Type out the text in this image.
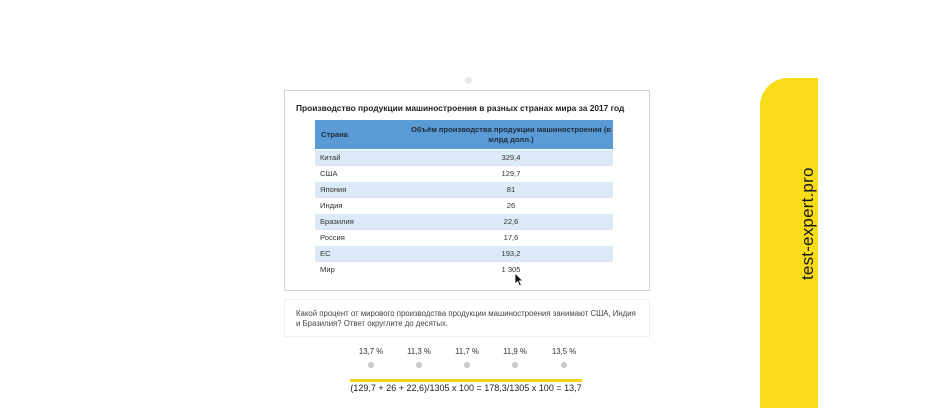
Производство продукции машиностроения в разных странах мира за 2017 год
Страна	Объём производства продукции машиностроения (в млрд долл.)
Китай	329,4
США	129,7
Япония	81
Индия	26
Бразилия	22,6
Россия	17,6
ЕС	193,2
Мир	1 305
Какой процент от мирового производства продукции машиностроения занимают США, Индия и Бразилия? Ответ округлите до десятых.
13,7 %	11,3 %	11,7 %	11,9 %	13,5 %
(129,7 + 26 + 22,6)/1305 х 100 = 178,3/1305 х 100 = 13,7
test-expert.pro
